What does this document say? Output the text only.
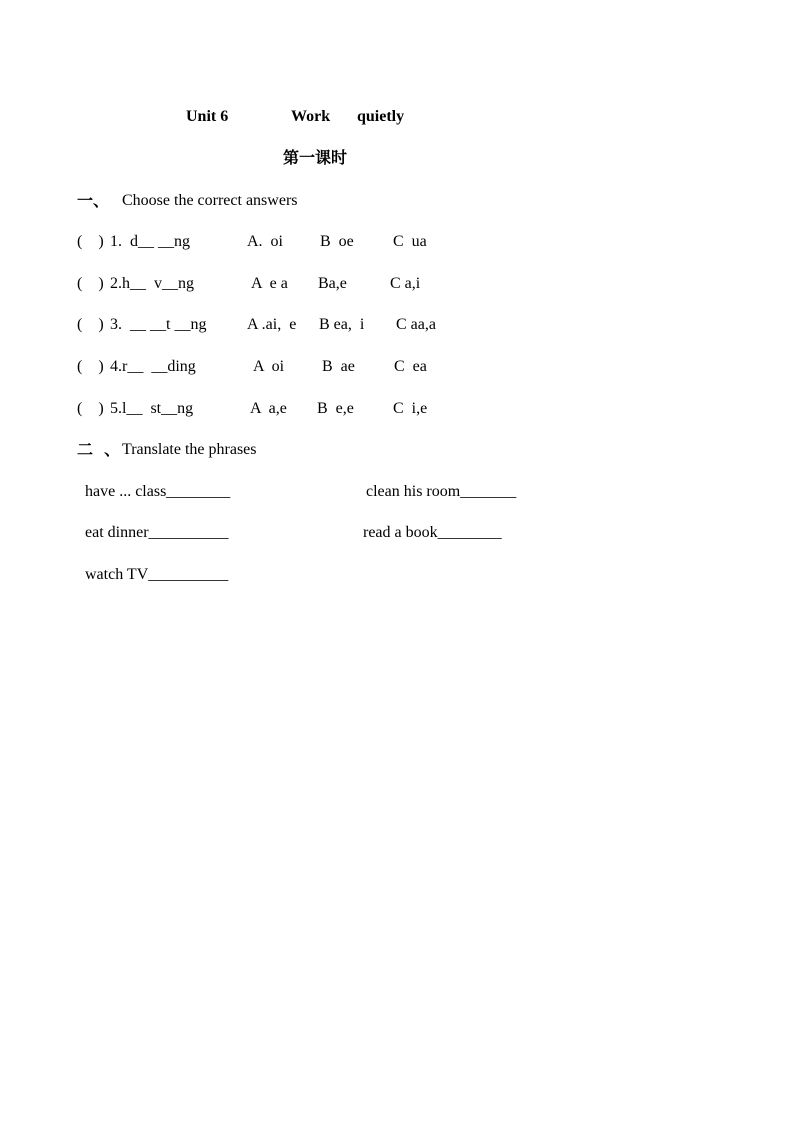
Unit 6	Work quietly
第一课时
一、 Choose the correct answers
(    ) 1.  d__ __ng	A.  oi B  oe C  ua
(    ) 2.h__  v__ng	A  e a Ba,e	C a,i
(    ) 3.  __ __t __ng	A .ai,  e B ea,  i C aa,a
(    ) 4.r__  __ding	A  oi B  ae C  ea
(    ) 5.l__  st__ng	A  a,e B  e,e C  i,e
二  、 Translate the phrases
have ... class________	clean his room_______
eat dinner__________	read a book________
watch TV__________
